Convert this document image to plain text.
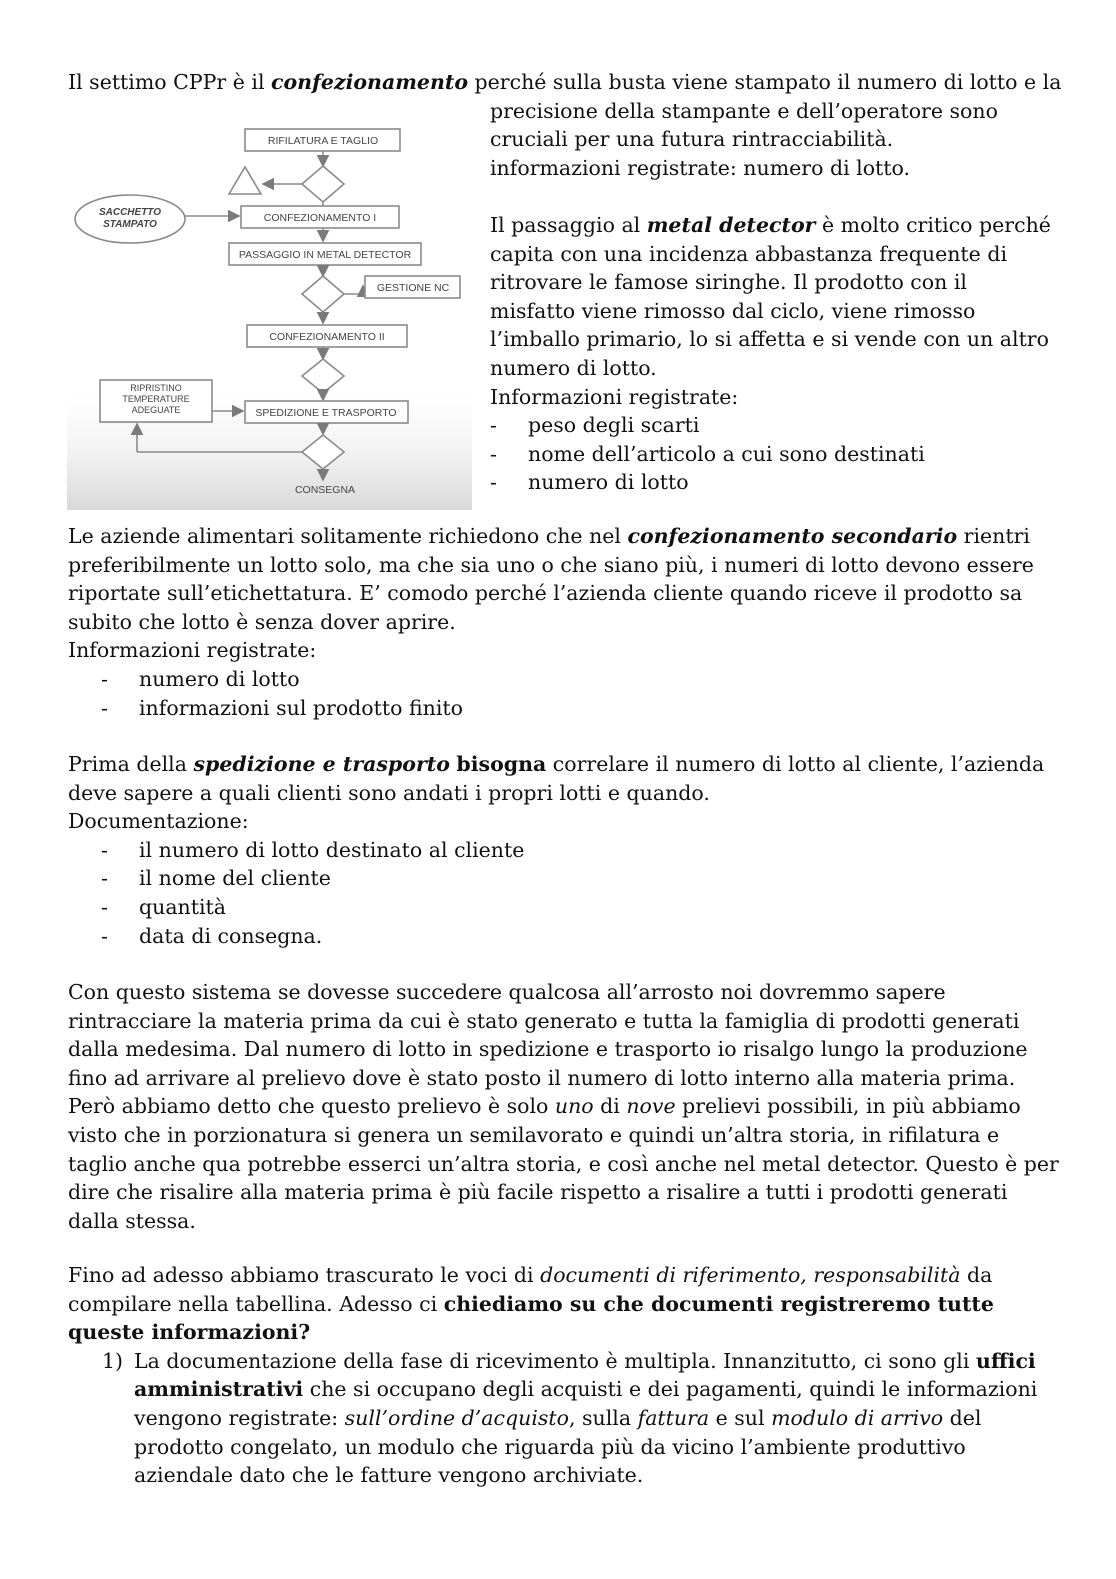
Il settimo CPPr è il confezionamento perché sulla busta viene stampato il numero di lotto e la
precisione della stampante e dell’operatore sono
cruciali per una futura rintracciabilità.
informazioni registrate: numero di lotto.

Il passaggio al metal detector è molto critico perché
capita con una incidenza abbastanza frequente di
ritrovare le famose siringhe. Il prodotto con il
misfatto viene rimosso dal ciclo, viene rimosso
l’imballo primario, lo si affetta e si vende con un altro
numero di lotto.
Informazioni registrate:
- peso degli scarti
- nome dell’articolo a cui sono destinati
- numero di lotto
RIFILATURA E TAGLIO
SACCHETTO
STAMPATO
CONFEZIONAMENTO I
PASSAGGIO IN METAL DETECTOR
GESTIONE NC
CONFEZIONAMENTO II
RIPRISTINO
TEMPERATURE
ADEGUATE	SPEDIZIONE E TRASPORTO
CONSEGNA
Le aziende alimentari solitamente richiedono che nel confezionamento secondario rientri
preferibilmente un lotto solo, ma che sia uno o che siano più, i numeri di lotto devono essere
riportate sull’etichettatura. E’ comodo perché l’azienda cliente quando riceve il prodotto sa
subito che lotto è senza dover aprire.
Informazioni registrate:
- numero di lotto
- informazioni sul prodotto finito
Prima della spedizione e trasporto bisogna correlare il numero di lotto al cliente, l’azienda
deve sapere a quali clienti sono andati i propri lotti e quando.
Documentazione:
- il numero di lotto destinato al cliente
- il nome del cliente
- quantità
- data di consegna.
Con questo sistema se dovesse succedere qualcosa all’arrosto noi dovremmo sapere
rintracciare la materia prima da cui è stato generato e tutta la famiglia di prodotti generati
dalla medesima. Dal numero di lotto in spedizione e trasporto io risalgo lungo la produzione
fino ad arrivare al prelievo dove è stato posto il numero di lotto interno alla materia prima.
Però abbiamo detto che questo prelievo è solo uno di nove prelievi possibili, in più abbiamo
visto che in porzionatura si genera un semilavorato e quindi un’altra storia, in rifilatura e
taglio anche qua potrebbe esserci un’altra storia, e così anche nel metal detector. Questo è per
dire che risalire alla materia prima è più facile rispetto a risalire a tutti i prodotti generati
dalla stessa.
Fino ad adesso abbiamo trascurato le voci di documenti di riferimento, responsabilità da
compilare nella tabellina. Adesso ci chiediamo su che documenti registreremo tutte
queste informazioni?
1) La documentazione della fase di ricevimento è multipla. Innanzitutto, ci sono gli uffici
amministrativi che si occupano degli acquisti e dei pagamenti, quindi le informazioni
vengono registrate: sull’ordine d’acquisto, sulla fattura e sul modulo di arrivo del
prodotto congelato, un modulo che riguarda più da vicino l’ambiente produttivo
aziendale dato che le fatture vengono archiviate.
